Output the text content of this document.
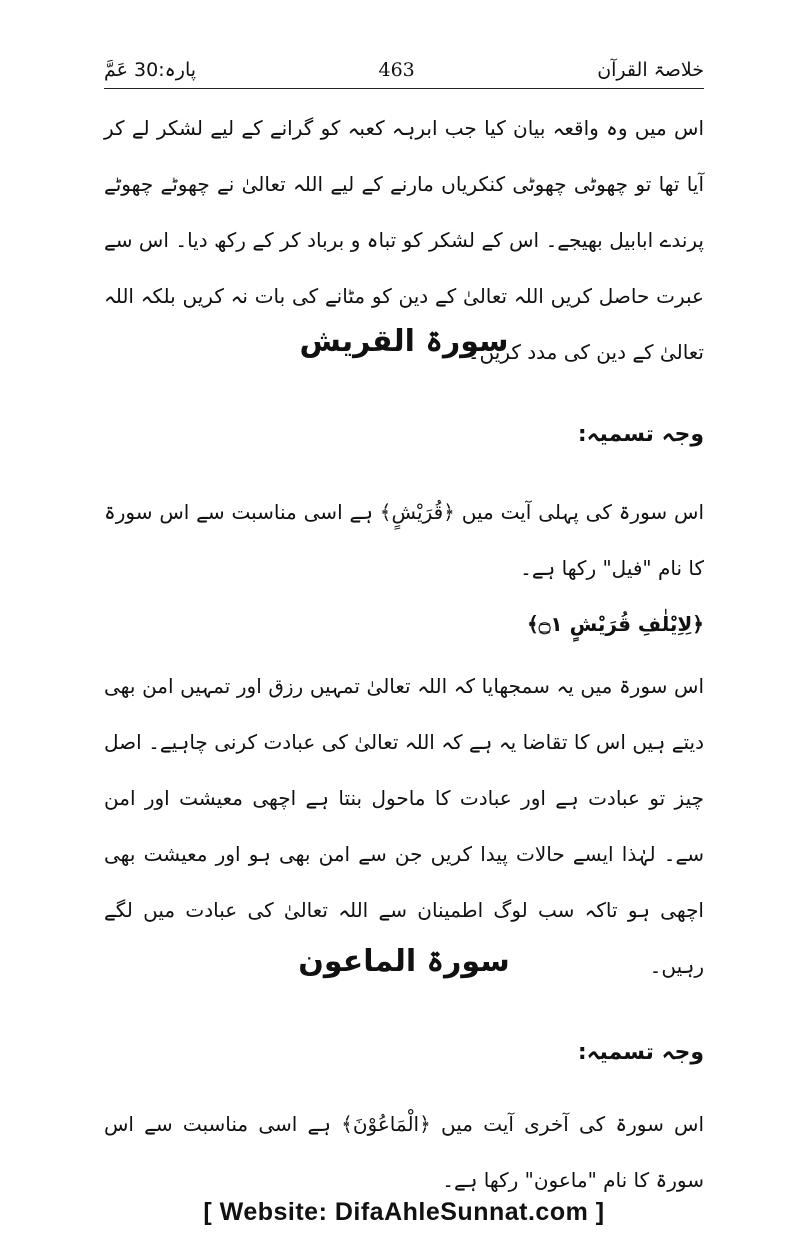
خلاصۃ القرآن
463
پارہ:30 عَمَّ

اس میں وہ واقعہ بیان کیا جب ابرہہ کعبہ کو گرانے کے لیے لشکر لے کر آیا تھا تو چھوٹی چھوٹی کنکریاں مارنے کے لیے اللہ تعالیٰ نے چھوٹے چھوٹے پرندے ابابیل بھیجے۔ اس کے لشکر کو تباہ و برباد کر کے رکھ دیا۔ اس سے عبرت حاصل کریں اللہ تعالیٰ کے دین کو مٹانے کی بات نہ کریں بلکہ اللہ تعالیٰ کے دین کی مدد کریں۔

سورۃ القریش

وجہ تسمیہ:

اس سورۃ کی پہلی آیت میں ﴿قُرَيْشٍ﴾ ہے اسی مناسبت سے اس سورۃ کا نام "فیل" رکھا ہے۔

﴿لِاِيْلٰفِ قُرَيْشٍ ۝۱﴾

اس سورۃ میں یہ سمجھایا کہ اللہ تعالیٰ تمہیں رزق اور تمہیں امن بھی دیتے ہیں اس کا تقاضا یہ ہے کہ اللہ تعالیٰ کی عبادت کرنی چاہیے۔ اصل چیز تو عبادت ہے اور عبادت کا ماحول بنتا ہے اچھی معیشت اور امن سے۔ لہٰذا ایسے حالات پیدا کریں جن سے امن بھی ہو اور معیشت بھی اچھی ہو تاکہ سب لوگ اطمینان سے اللہ تعالیٰ کی عبادت میں لگے رہیں۔

سورۃ الماعون

وجہ تسمیہ:

اس سورۃ کی آخری آیت میں ﴿الْمَاعُوْنَ﴾ ہے اسی مناسبت سے اس سورۃ کا نام "ماعون" رکھا ہے۔

[ Website: DifaAhleSunnat.com ]
